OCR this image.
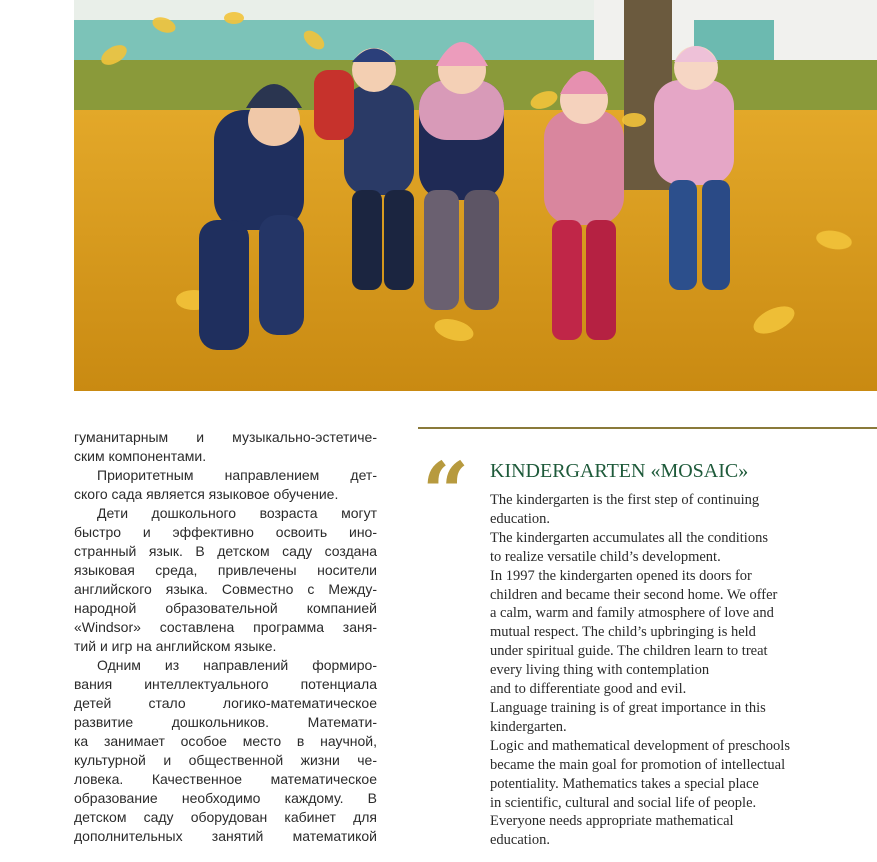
гуманитарным и музыкально-эстетиче-
ским компонентами.
Приоритетным направлением дет-
ского сада является языковое обучение.
Дети дошкольного возраста могут
быстро и эффективно освоить ино-
странный язык. В детском саду создана
языковая среда, привлечены носители
английского языка. Совместно с Между-
народной образовательной компанией
«Windsor» составлена программа заня-
тий и игр на английском языке.
Одним из направлений формиро-
вания интеллектуального потенциала
детей стало логико-математическое
развитие дошкольников. Математи-
ка занимает особое место в научной,
культурной и общественной жизни че-
ловека. Качественное математическое
образование необходимо каждому. В
детском саду оборудован кабинет для
дополнительных занятий математикой
“ KINDERGARTEN «MOSAIC»
The kindergarten is the first step of continuing
education.
The kindergarten accumulates all the conditions
to realize versatile child’s development.
In 1997 the kindergarten opened its doors for
children and became their second home. We offer
a calm, warm and family atmosphere of love and
mutual respect. The child’s upbringing is held
under spiritual guide. The children learn to treat
every living thing with contemplation
and to differentiate good and evil.
Language training is of great importance in this
kindergarten.
Logic and mathematical development of preschools
became the main goal for promotion of intellectual
potentiality. Mathematics takes a special place
in scientific, cultural and social life of people.
Everyone needs appropriate mathematical
education.
